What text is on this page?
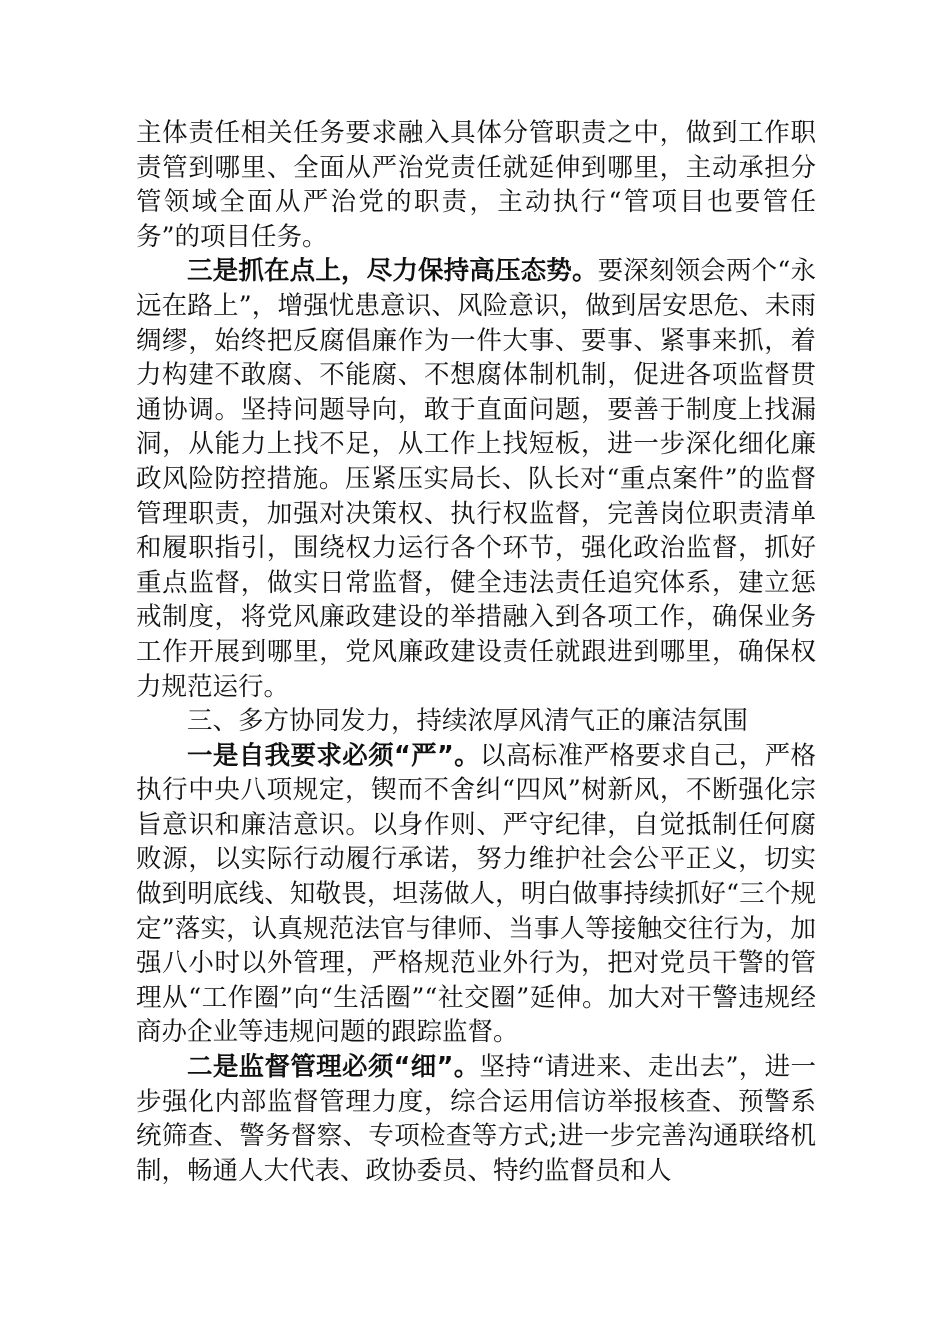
主体责任相关任务要求融入具体分管职责之中，做到工作职责管到哪里、全面从严治党责任就延伸到哪里，主动承担分管领域全面从严治党的职责，主动执行“管项目也要管任务”的项目任务。

三是抓在点上，尽力保持高压态势。要深刻领会两个“永远在路上”，增强忧患意识、风险意识，做到居安思危、未雨绸缪，始终把反腐倡廉作为一件大事、要事、紧事来抓，着力构建不敢腐、不能腐、不想腐体制机制，促进各项监督贯通协调。坚持问题导向，敢于直面问题，要善于制度上找漏洞，从能力上找不足，从工作上找短板，进一步深化细化廉政风险防控措施。压紧压实局长、队长对“重点案件”的监督管理职责，加强对决策权、执行权监督，完善岗位职责清单和履职指引，围绕权力运行各个环节，强化政治监督，抓好重点监督，做实日常监督，健全违法责任追究体系，建立惩戒制度，将党风廉政建设的举措融入到各项工作，确保业务工作开展到哪里，党风廉政建设责任就跟进到哪里，确保权力规范运行。

三、多方协同发力，持续浓厚风清气正的廉洁氛围

一是自我要求必须“严”。以高标准严格要求自己，严格执行中央八项规定，锲而不舍纠“四风”树新风，不断强化宗旨意识和廉洁意识。以身作则、严守纪律，自觉抵制任何腐败源，以实际行动履行承诺，努力维护社会公平正义，切实做到明底线、知敬畏，坦荡做人，明白做事持续抓好“三个规定”落实，认真规范法官与律师、当事人等接触交往行为，加强八小时以外管理，严格规范业外行为，把对党员干警的管理从“工作圈”向“生活圈”“社交圈”延伸。加大对干警违规经商办企业等违规问题的跟踪监督。

二是监督管理必须“细”。坚持“请进来、走出去”，进一步强化内部监督管理力度，综合运用信访举报核查、预警系统筛查、警务督察、专项检查等方式;进一步完善沟通联络机制，畅通人大代表、政协委员、特约监督员和人
